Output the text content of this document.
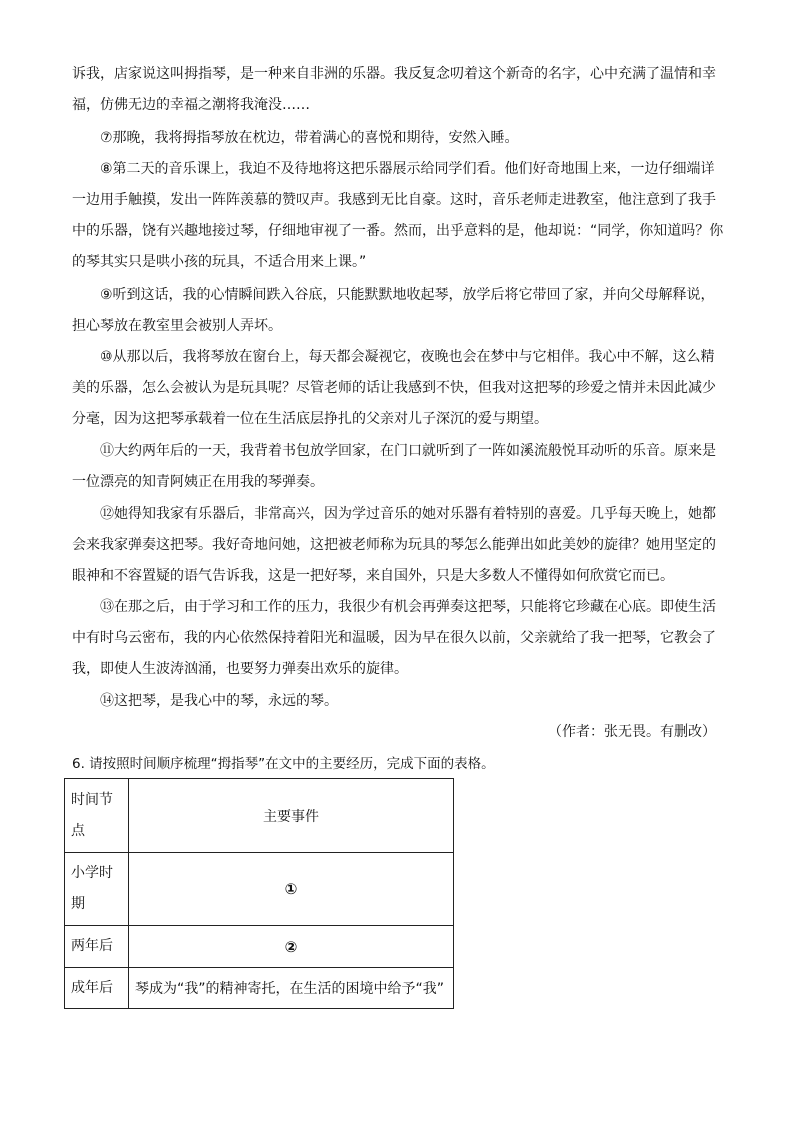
诉我，店家说这叫拇指琴，是一种来自非洲的乐器。我反复念叨着这个新奇的名字，心中充满了温情和幸

福，仿佛无边的幸福之潮将我淹没……

⑦那晚，我将拇指琴放在枕边，带着满心的喜悦和期待，安然入睡。

⑧第二天的音乐课上，我迫不及待地将这把乐器展示给同学们看。他们好奇地围上来，一边仔细端详

一边用手触摸，发出一阵阵羡慕的赞叹声。我感到无比自豪。这时，音乐老师走进教室，他注意到了我手

中的乐器，饶有兴趣地接过琴，仔细地审视了一番。然而，出乎意料的是，他却说：“同学，你知道吗？你

的琴其实只是哄小孩的玩具，不适合用来上课。”

⑨听到这话，我的心情瞬间跌入谷底，只能默默地收起琴，放学后将它带回了家，并向父母解释说，

担心琴放在教室里会被别人弄坏。

⑩从那以后，我将琴放在窗台上，每天都会凝视它，夜晚也会在梦中与它相伴。我心中不解，这么精

美的乐器，怎么会被认为是玩具呢？尽管老师的话让我感到不快，但我对这把琴的珍爱之情并未因此减少

分毫，因为这把琴承载着一位在生活底层挣扎的父亲对儿子深沉的爱与期望。

⑪大约两年后的一天，我背着书包放学回家，在门口就听到了一阵如溪流般悦耳动听的乐音。原来是

一位漂亮的知青阿姨正在用我的琴弹奏。

⑫她得知我家有乐器后，非常高兴，因为学过音乐的她对乐器有着特别的喜爱。几乎每天晚上，她都

会来我家弹奏这把琴。我好奇地问她，这把被老师称为玩具的琴怎么能弹出如此美妙的旋律？她用坚定的

眼神和不容置疑的语气告诉我，这是一把好琴，来自国外，只是大多数人不懂得如何欣赏它而已。

⑬在那之后，由于学习和工作的压力，我很少有机会再弹奏这把琴，只能将它珍藏在心底。即使生活

中有时乌云密布，我的内心依然保持着阳光和温暖，因为早在很久以前，父亲就给了我一把琴，它教会了

我，即使人生波涛汹涌，也要努力弹奏出欢乐的旋律。

⑭这把琴，是我心中的琴，永远的琴。

（作者：张无畏。有删改）
6. 请按照时间顺序梳理“拇指琴”在文中的主要经历，完成下面的表格。
时间节
点	主要事件

小学时
期	①

两年后	②

成年后	琴成为“我”的精神寄托，在生活的困境中给予“我”
